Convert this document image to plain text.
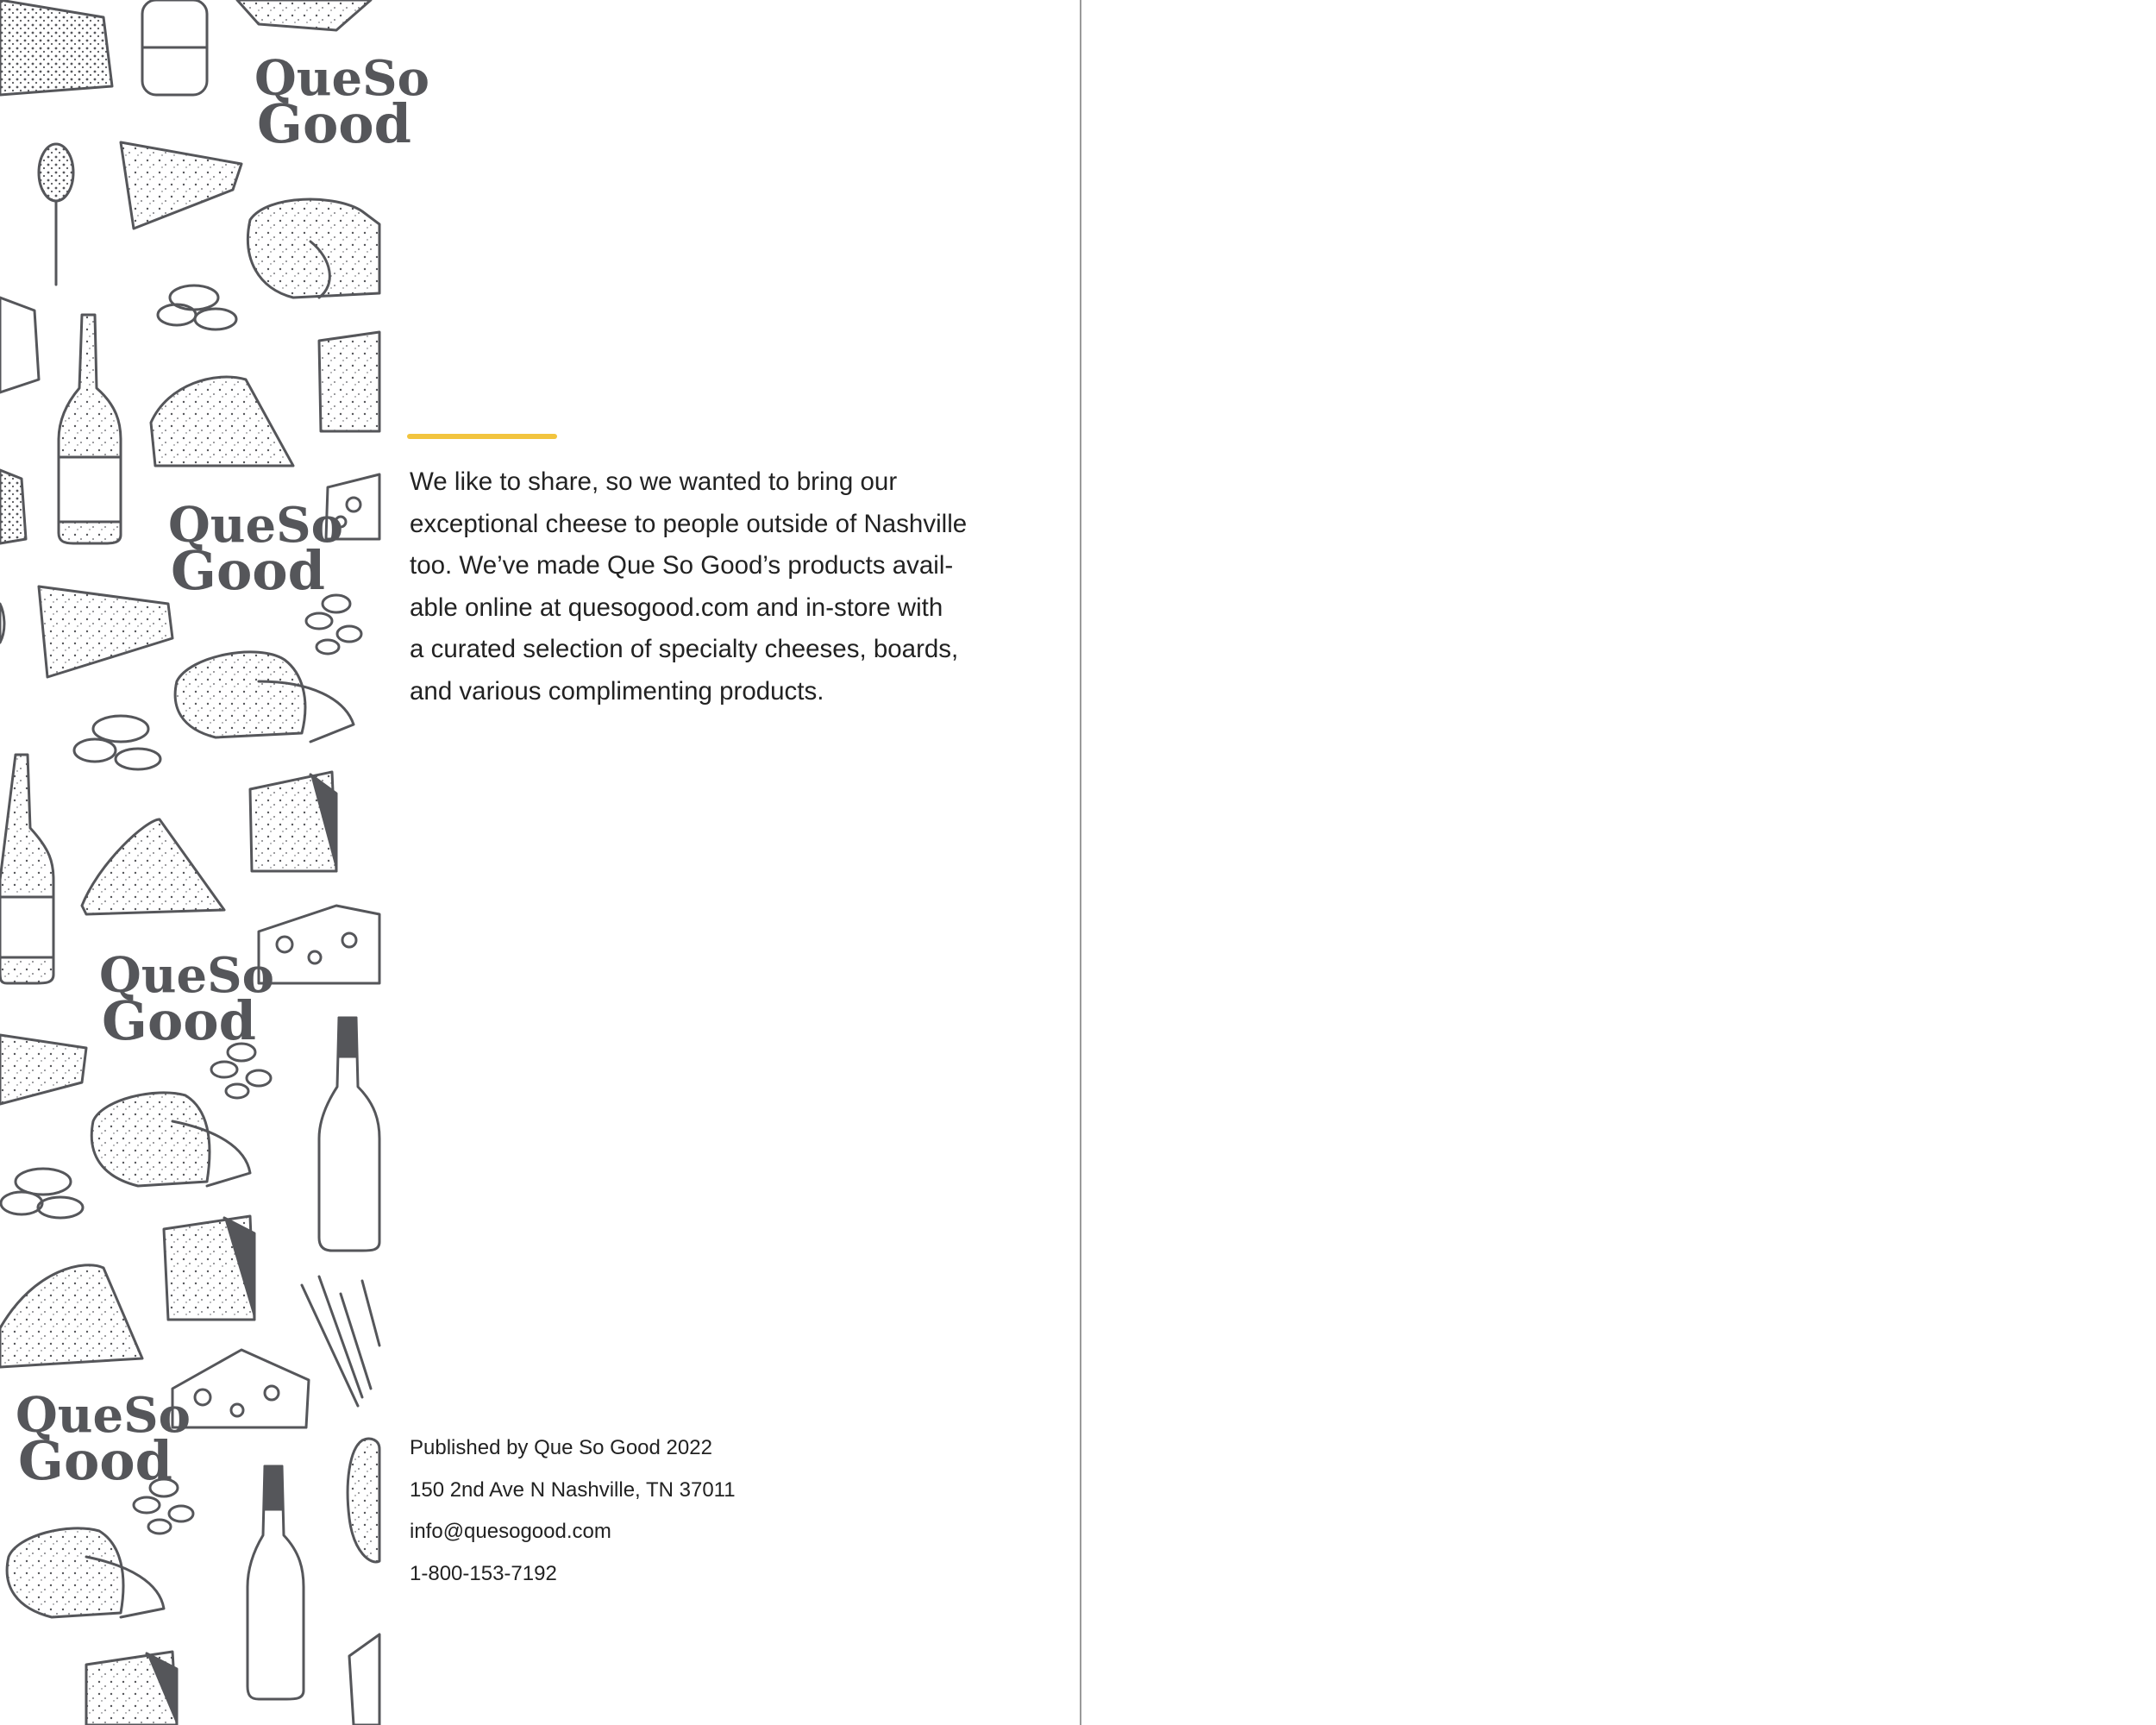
QueSo
Good
QueSo
Good
QueSo
Good
QueSo
Good

We like to share, so we wanted to bring our
exceptional cheese to people outside of Nashville
too. We’ve made Que So Good’s products avail-
able online at quesogood.com and in-store with
a curated selection of specialty cheeses, boards,
and various complimenting products.

Published by Que So Good 2022
150 2nd Ave N Nashville, TN 37011
info@quesogood.com
1-800-153-7192
